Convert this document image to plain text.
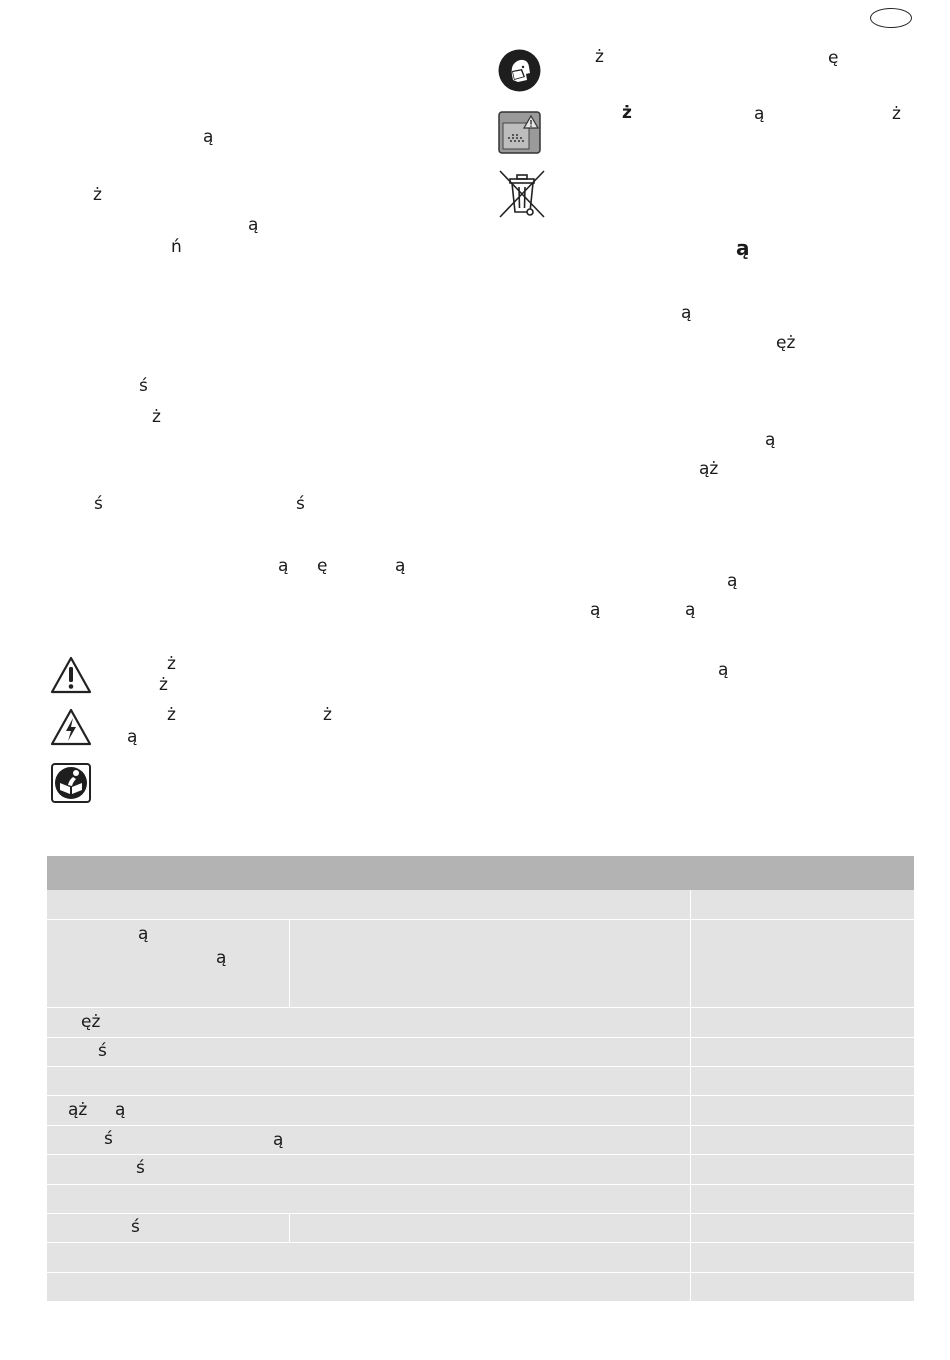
ą
ż
ą
ń
ś
ż
ś	ś
ą ę	ą
ż
ż
ż	ż
ą
ż	ę
ż	ą	ż
ą
ą
ęż
ą
ąż
ą
ą	ą
ą
ą
ą
ęż
ś
ąż ą
ś	ą
ś
ś
